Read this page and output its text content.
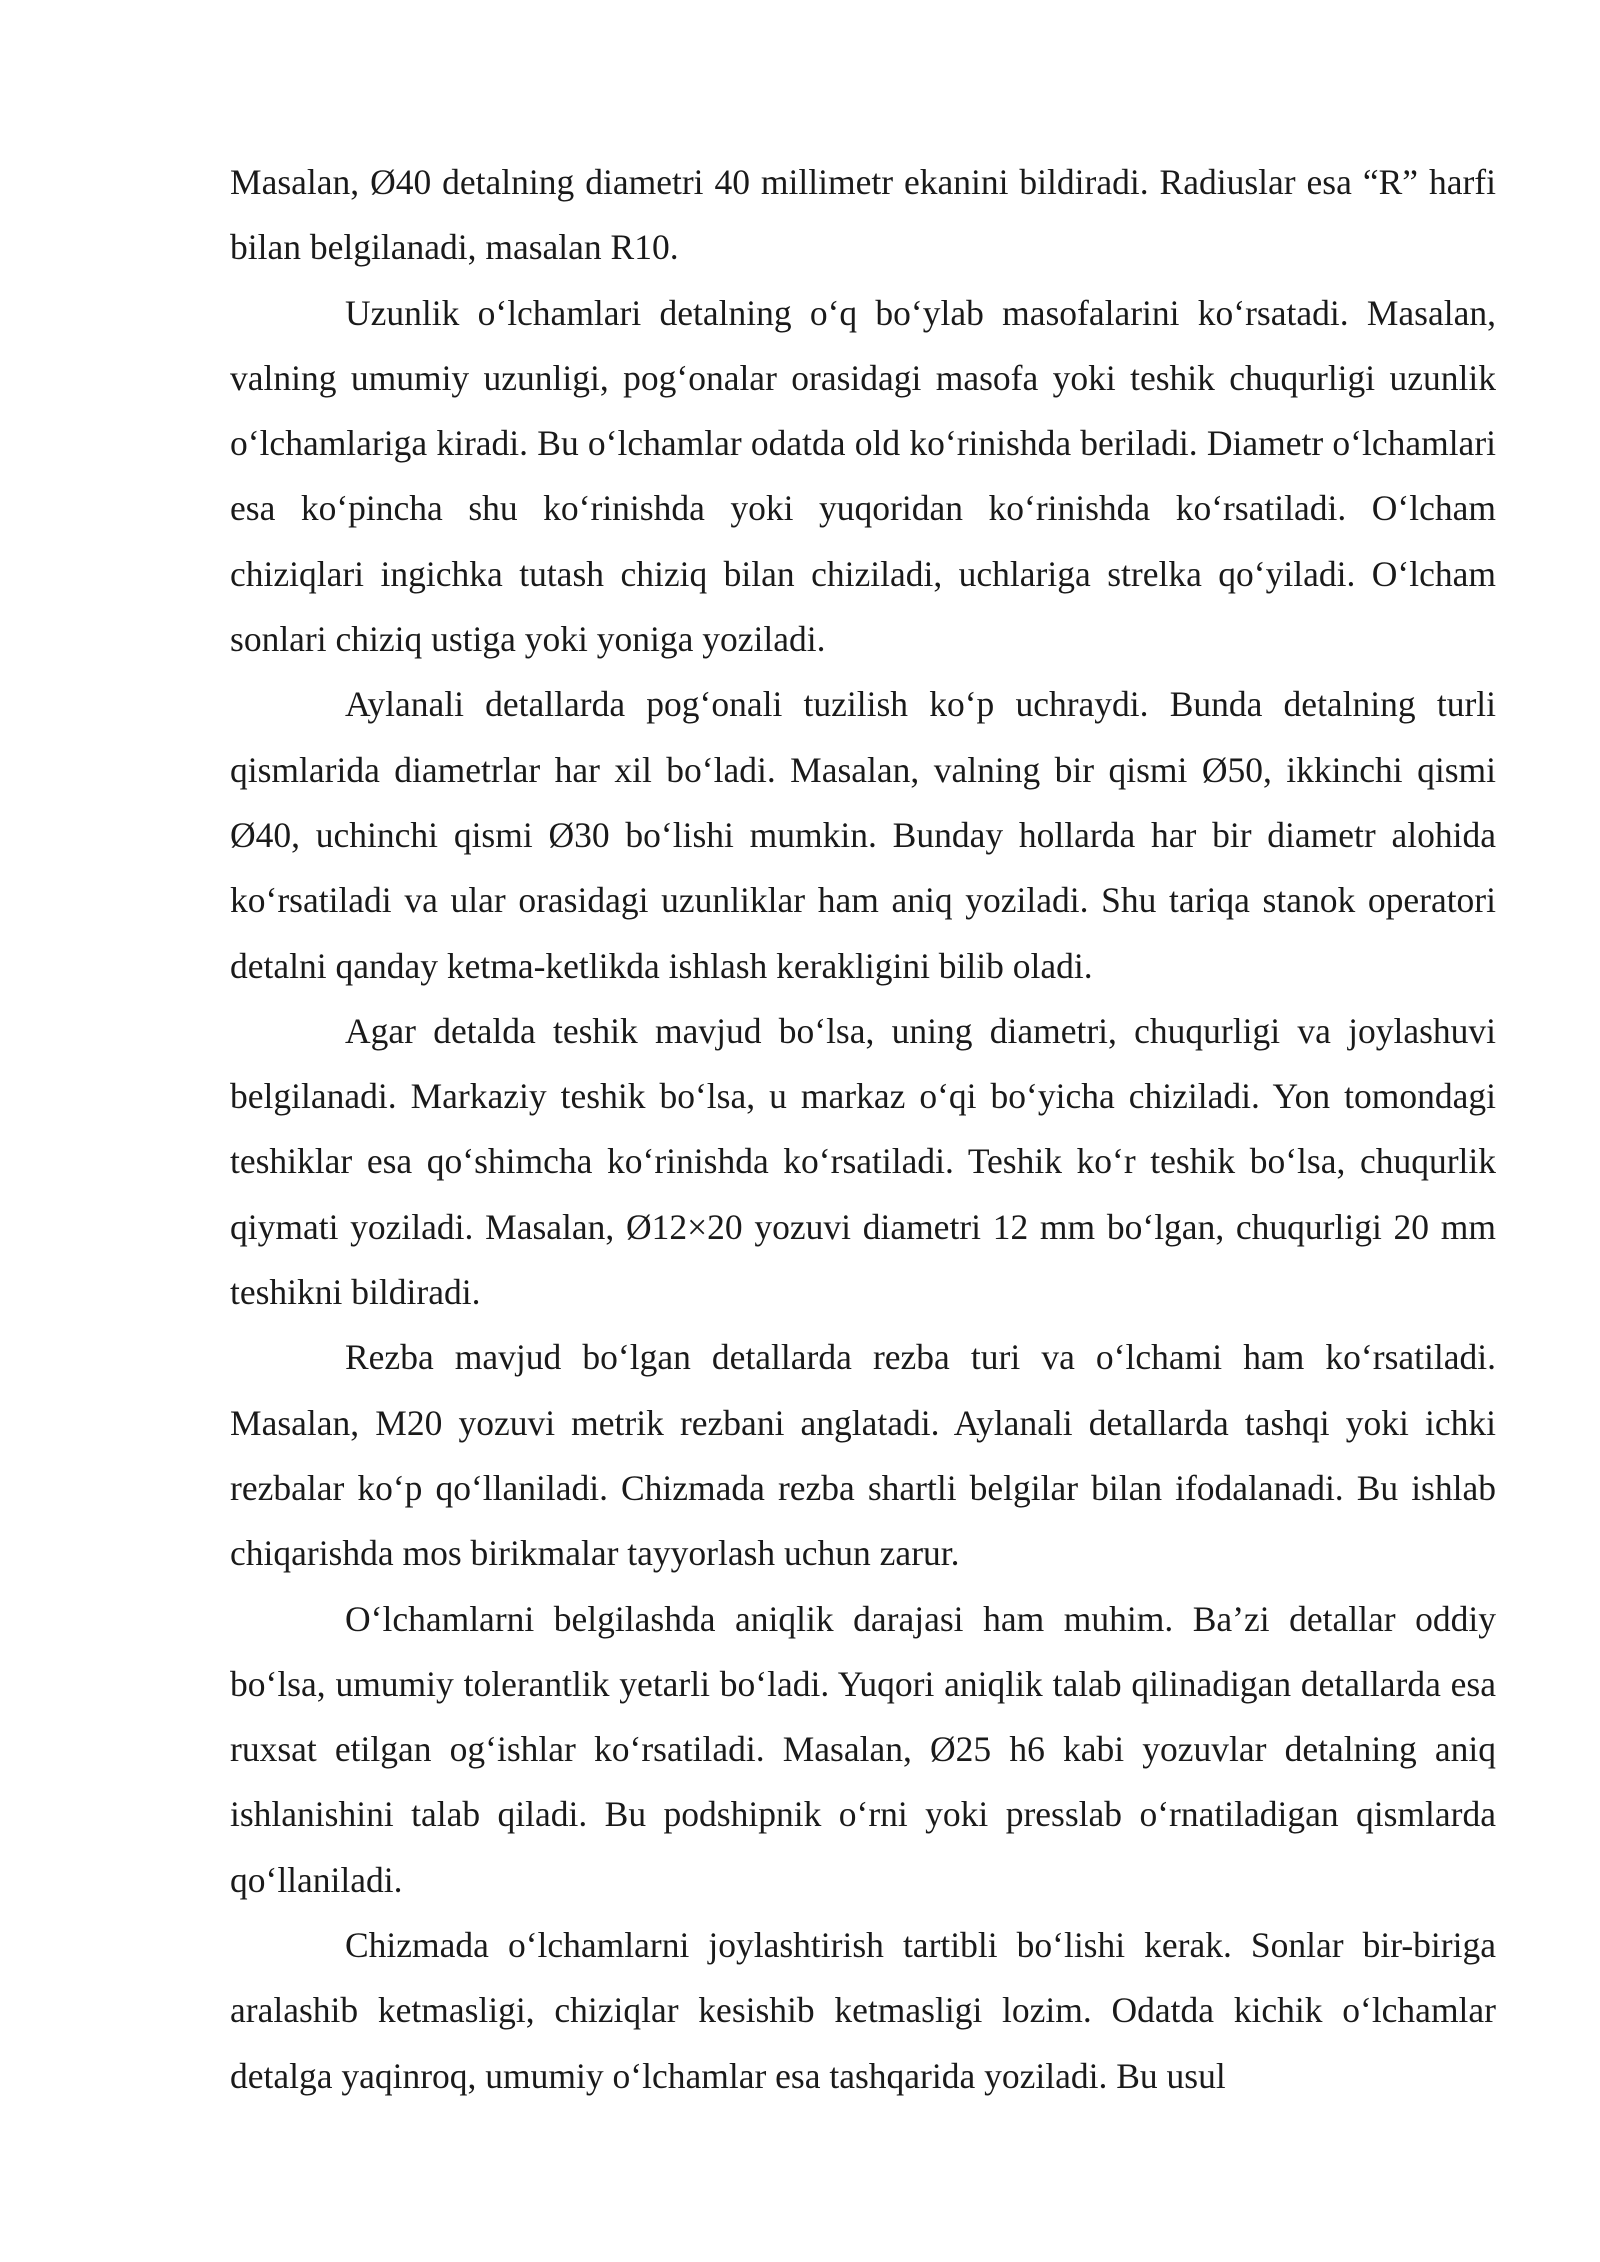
Masalan, Ø40 detalning diametri 40 millimetr ekanini bildiradi. Radiuslar esa “R” harfi bilan belgilanadi, masalan R10.

Uzunlik o‘lchamlari detalning o‘q bo‘ylab masofalarini ko‘rsatadi. Masalan, valning umumiy uzunligi, pog‘onalar orasidagi masofa yoki teshik chuqurligi uzunlik o‘lchamlariga kiradi. Bu o‘lchamlar odatda old ko‘rinishda beriladi. Diametr o‘lchamlari esa ko‘pincha shu ko‘rinishda yoki yuqoridan ko‘rinishda ko‘rsatiladi. O‘lcham chiziqlari ingichka tutash chiziq bilan chiziladi, uchlariga strelka qo‘yiladi. O‘lcham sonlari chiziq ustiga yoki yoniga yoziladi.

Aylanali detallarda pog‘onali tuzilish ko‘p uchraydi. Bunda detalning turli qismlarida diametrlar har xil bo‘ladi. Masalan, valning bir qismi Ø50, ikkinchi qismi Ø40, uchinchi qismi Ø30 bo‘lishi mumkin. Bunday hollarda har bir diametr alohida ko‘rsatiladi va ular orasidagi uzunliklar ham aniq yoziladi. Shu tariqa stanok operatori detalni qanday ketma-ketlikda ishlash kerakligini bilib oladi.

Agar detalda teshik mavjud bo‘lsa, uning diametri, chuqurligi va joylashuvi belgilanadi. Markaziy teshik bo‘lsa, u markaz o‘qi bo‘yicha chiziladi. Yon tomondagi teshiklar esa qo‘shimcha ko‘rinishda ko‘rsatiladi. Teshik ko‘r teshik bo‘lsa, chuqurlik qiymati yoziladi. Masalan, Ø12×20 yozuvi diametri 12 mm bo‘lgan, chuqurligi 20 mm teshikni bildiradi.

Rezba mavjud bo‘lgan detallarda rezba turi va o‘lchami ham ko‘rsatiladi. Masalan, M20 yozuvi metrik rezbani anglatadi. Aylanali detallarda tashqi yoki ichki rezbalar ko‘p qo‘llaniladi. Chizmada rezba shartli belgilar bilan ifodalanadi. Bu ishlab chiqarishda mos birikmalar tayyorlash uchun zarur.

O‘lchamlarni belgilashda aniqlik darajasi ham muhim. Ba’zi detallar oddiy bo‘lsa, umumiy tolerantlik yetarli bo‘ladi. Yuqori aniqlik talab qilinadigan detallarda esa ruxsat etilgan og‘ishlar ko‘rsatiladi. Masalan, Ø25 h6 kabi yozuvlar detalning aniq ishlanishini talab qiladi. Bu podshipnik o‘rni yoki presslab o‘rnatiladigan qismlarda qo‘llaniladi.

Chizmada o‘lchamlarni joylashtirish tartibli bo‘lishi kerak. Sonlar bir-biriga aralashib ketmasligi, chiziqlar kesishib ketmasligi lozim. Odatda kichik o‘lchamlar detalga yaqinroq, umumiy o‘lchamlar esa tashqarida yoziladi. Bu usul
